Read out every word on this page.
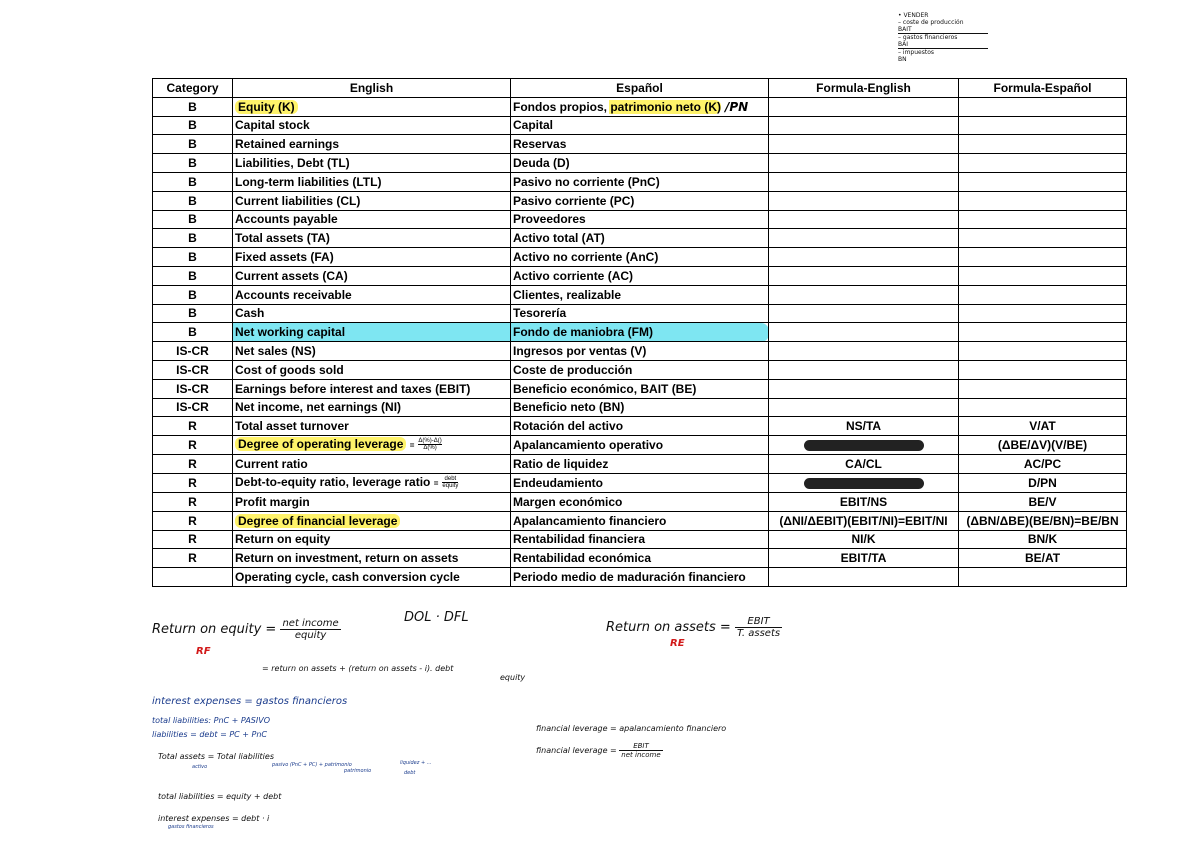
• VENDER
– coste de producción
BAIT
– gastos financieros
BAI
– impuestos
BN
Category	English	Español	Formula-English	Formula-Español
B	Equity (K)	Fondos propios, patrimonio neto (K) /PN		
B	Capital stock	Capital		
B	Retained earnings	Reservas		
B	Liabilities, Debt (TL)	Deuda (D)		
B	Long-term liabilities (LTL)	Pasivo no corriente (PnC)		
B	Current liabilities (CL)	Pasivo corriente (PC)		
B	Accounts payable	Proveedores		
B	Total assets (TA)	Activo total (AT)		
B	Fixed assets (FA)	Activo no corriente (AnC)		
B	Current assets (CA)	Activo corriente (AC)		
B	Accounts receivable	Clientes, realizable		
B	Cash	Tesorería		
B	Net working capital	Fondo de maniobra (FM)		
IS-CR	Net sales (NS)	Ingresos por ventas (V)		
IS-CR	Cost of goods sold	Coste de producción		
IS-CR	Earnings before interest and taxes (EBIT)	Beneficio económico, BAIT (BE)		
IS-CR	Net income, net earnings (NI)	Beneficio neto (BN)		
R	Total asset turnover	Rotación del activo	NS/TA	V/AT
R	Degree of operating leverage = $\frac{\Delta(\%)-\Delta()}{\Delta(\%)}$	Apalancamiento operativo		(ΔBE/ΔV)(V/BE)
R	Current ratio	Ratio de liquidez	CA/CL	AC/PC
R	Debt-to-equity ratio, leverage ratio = $\frac{\text{debt}}{\text{equity}}$	Endeudamiento		D/PN
R	Profit margin	Margen económico	EBIT/NS	BE/V
R	Degree of financial leverage	Apalancamiento financiero	(ΔNI/ΔEBIT)(EBIT/NI)=EBIT/NI	(ΔBN/ΔBE)(BE/BN)=BE/BN
R	Return on equity	Rentabilidad financiera	NI/K	BN/K
R	Return on investment, return on assets	Rentabilidad económica	EBIT/TA	BE/AT
	Operating cycle, cash conversion cycle	Periodo medio de maduración financiero		
DOL · DFL
Return on equity = $\frac{\text{net income}}{\text{equity}}$
RF
Return on assets = $\frac{\text{EBIT}}{\text{T. assets}}$
RE
= return on assets + (return on assets - i). debt
equity
interest expenses = gastos financieros
total liabilities: PnC + PASIVO
liabilities = debt = PC + PnC
Total assets = Total liabilities
activo	pasivo (PnC + PC) + patrimonio
patrimonio
liquidez + ...
debt
total liabilities = equity + debt
interest expenses = debt · i
gastos financieros
financial leverage = apalancamiento financiero
financial leverage = $\frac{\text{EBIT}}{\text{net income}}$
